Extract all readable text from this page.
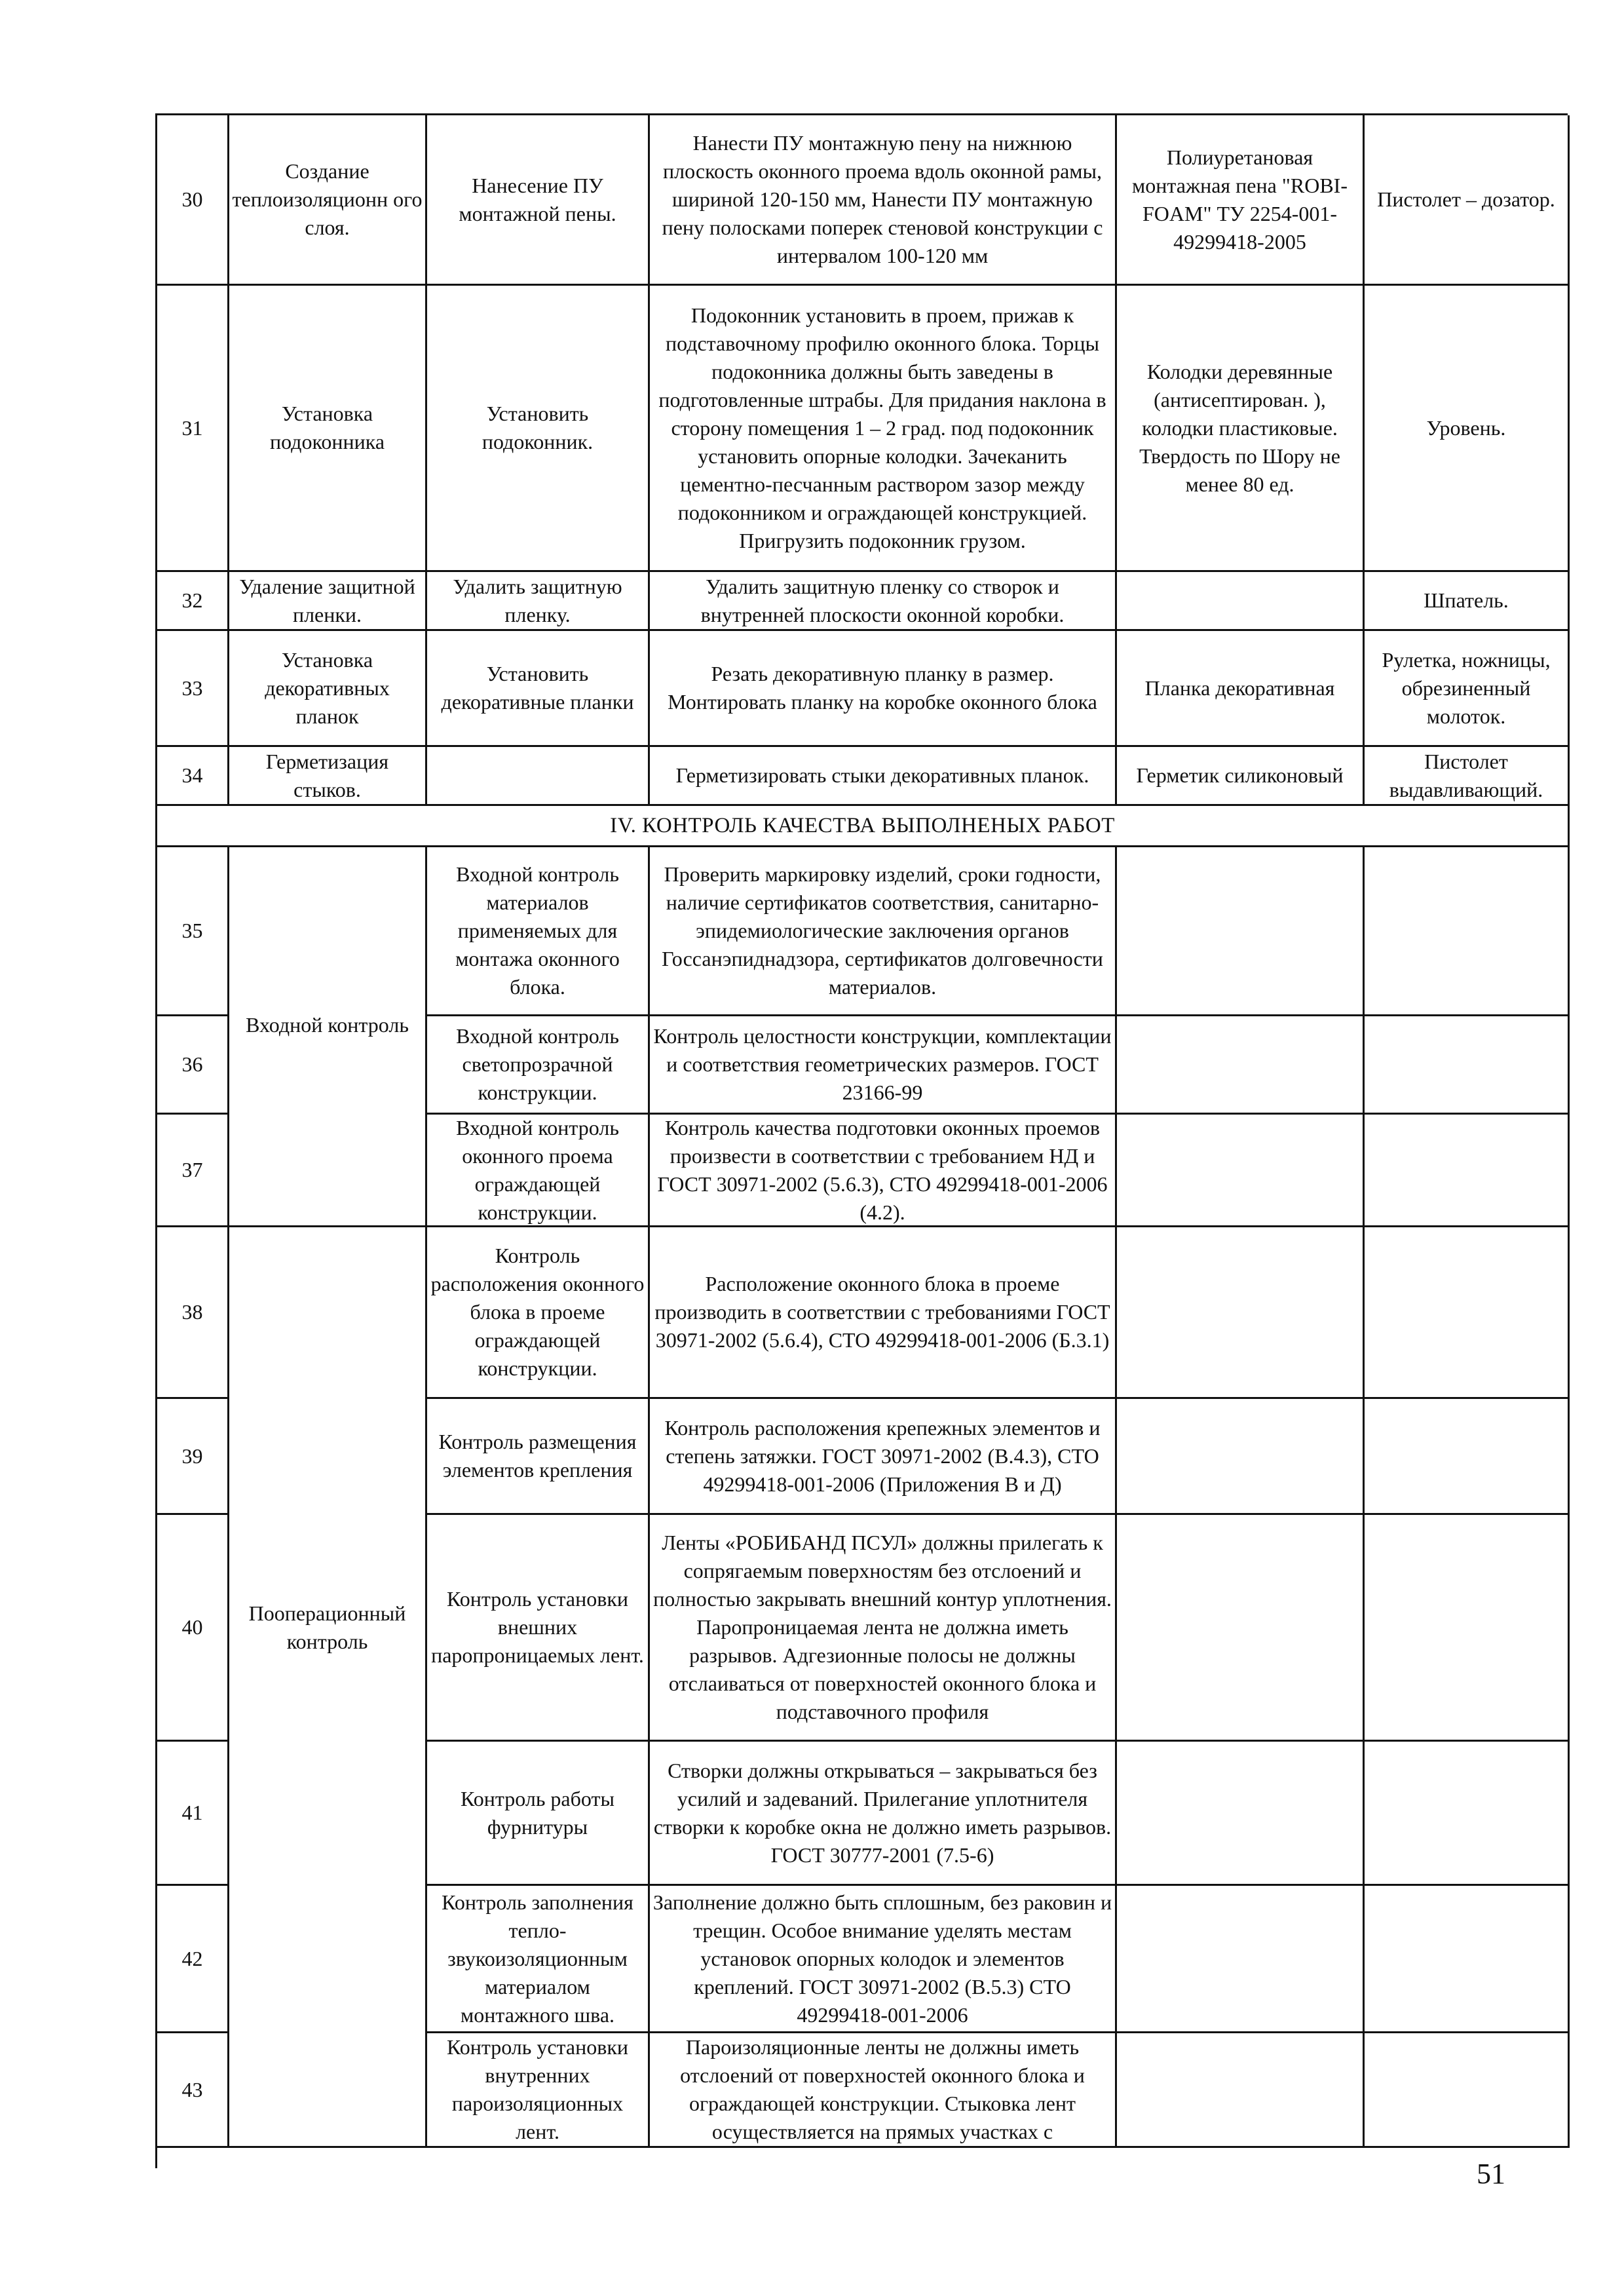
30
Создание теплоизоляционн ого слоя.
Нанесение ПУ монтажной пены.
Нанести ПУ монтажную пену на нижнюю плоскость оконного проема вдоль оконной рамы, шириной 120-150 мм, Нанести ПУ монтажную пену полосками поперек стеновой конструкции с интервалом 100-120 мм
Полиуретановая монтажная пена "ROBI-FOAM" ТУ 2254-001-49299418-2005
Пистолет – дозатор.
31
Установка подоконника
Установить подоконник.
Подоконник установить в проем, прижав к подставочному профилю оконного блока. Торцы подоконника должны быть заведены в подготовленные штрабы. Для придания наклона в сторону помещения 1 – 2 град. под подоконник установить опорные колодки. Зачеканить цементно-песчанным раствором зазор между подоконником и ограждающей конструкцией. Пригрузить подоконник грузом.
Колодки деревянные (антисептирован. ), колодки пластиковые. Твердость по Шору не менее 80 ед.
Уровень.
32
Удаление защитной пленки.
Удалить защитную пленку.
Удалить защитную пленку со створок и внутренней плоскости оконной коробки.
Шпатель.
33
Установка декоративных планок
Установить декоративные планки
Резать декоративную планку в размер. Монтировать планку на коробке оконного блока
Планка декоративная
Рулетка, ножницы, обрезиненный молоток.
34
Герметизация стыков.
Герметизировать стыки декоративных планок.	Герметик силиконовый
Пистолет выдавливающий.
IV. КОНТРОЛЬ КАЧЕСТВА ВЫПОЛНЕНЫХ РАБОТ
Входной контроль
Пооперационный контроль
35
Входной контроль материалов применяемых для монтажа оконного блока.
Проверить маркировку изделий, сроки годности, наличие сертификатов соответствия, санитарно-эпидемиологические заключения органов Госсанэпиднадзора, сертификатов долговечности материалов.
36
Входной контроль светопрозрачной конструкции.
Контроль целостности конструкции, комплектации и соответствия геометрических размеров. ГОСТ 23166-99
37
Входной контроль оконного проема ограждающей конструкции.
Контроль качества подготовки оконных проемов произвести в соответствии с требованием НД и ГОСТ 30971-2002 (5.6.3), СТО 49299418-001-2006 (4.2).
38
Контроль расположения оконного блока в проеме ограждающей конструкции.
Расположение оконного блока в проеме производить в соответствии с требованиями ГОСТ 30971-2002 (5.6.4), СТО 49299418-001-2006 (Б.3.1)
39
Контроль размещения элементов крепления
Контроль расположения крепежных элементов и степень затяжки. ГОСТ 30971-2002 (В.4.3), СТО 49299418-001-2006 (Приложения В и Д)
40
Контроль установки внешних паропроницаемых лент.
Ленты «РОБИБАНД ПСУЛ» должны прилегать к сопрягаемым поверхностям без отслоений и полностью закрывать внешний контур уплотнения. Паропроницаемая лента не должна иметь разрывов. Адгезионные полосы не должны отслаиваться от поверхностей оконного блока и подставочного профиля
41
Контроль работы фурнитуры
Створки должны открываться – закрываться без усилий и задеваний. Прилегание уплотнителя створки к коробке окна не должно иметь разрывов. ГОСТ 30777-2001 (7.5-6)
42
Контроль заполнения тепло-звукоизоляционным материалом монтажного шва.
Заполнение должно быть сплошным, без раковин и трещин. Особое внимание уделять местам установок опорных колодок и элементов креплений. ГОСТ 30971-2002 (В.5.3) СТО 49299418-001-2006
43
Контроль установки внутренних пароизоляционных лент.
Пароизоляционные ленты не должны иметь отслоений от поверхностей оконного блока и ограждающей конструкции. Стыковка лент осуществляется на прямых участках с
51
